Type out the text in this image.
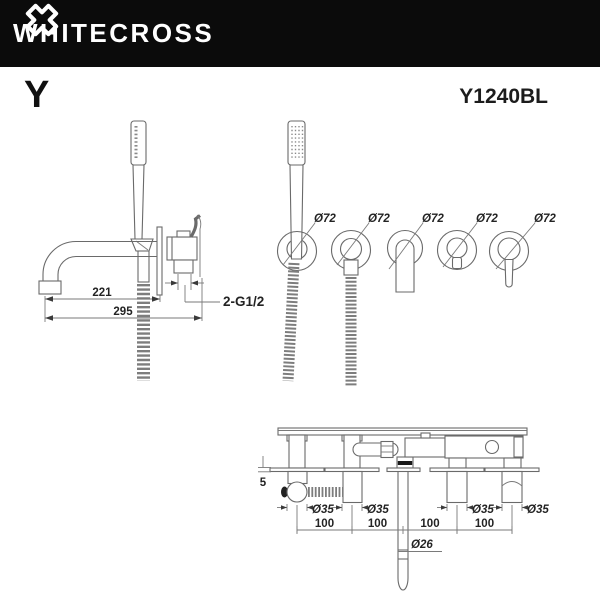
221
295
2-G1/2
Ø72	Ø72	Ø72	Ø72	Ø72
5
Ø35	Ø35	Ø35	Ø35
100	100	100	100
Ø26
WHITECROSS
Y	Y1240BL
